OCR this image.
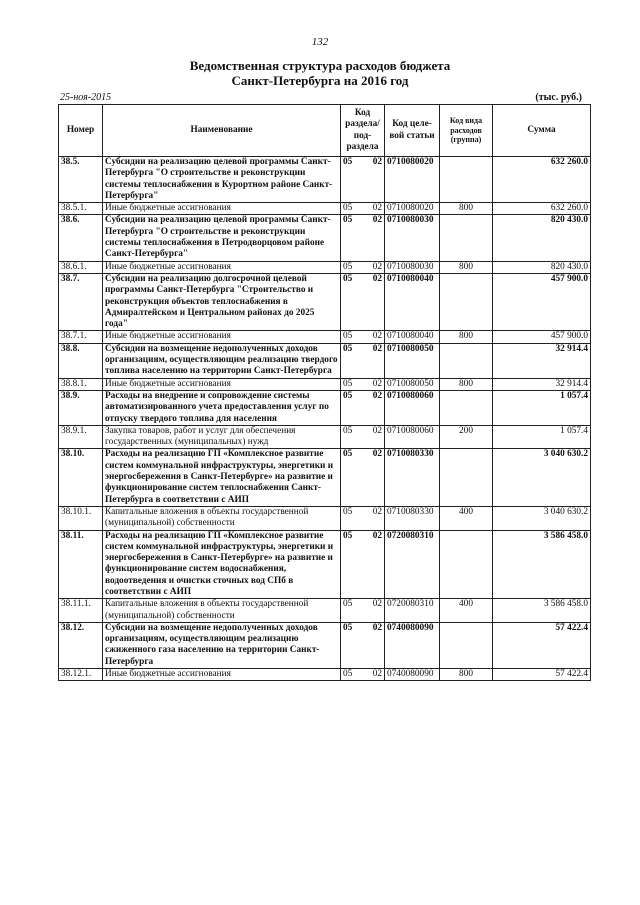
132
Ведомственная структура расходов бюджета
Санкт-Петербурга на 2016 год
25-ноя-2015	(тыс. руб.)
Номер	Наименование	Код раздела/ под- раздела	Код целе- вой статьи	Код вида расходов (группа)	Сумма
38.5.	Субсидии на реализацию целевой программы Санкт-Петербурга "О строительстве и реконструкции системы теплоснабжения в Курортном районе Санкт-Петербурга"	05 02	0710080020		632 260.0
38.5.1.	Иные бюджетные ассигнования	05 02	0710080020	800	632 260.0
38.6.	Субсидии на реализацию целевой программы Санкт-Петербурга "О строительстве и реконструкции системы теплоснабжения в Петродворцовом районе Санкт-Петербурга"	05 02	0710080030		820 430.0
38.6.1.	Иные бюджетные ассигнования	05 02	0710080030	800	820 430.0
38.7.	Субсидии на реализацию долгосрочной целевой программы Санкт-Петербурга "Строительство и реконструкция объектов теплоснабжения в Адмиралтейском и Центральном районах до 2025 года"	05 02	0710080040		457 900.0
38.7.1.	Иные бюджетные ассигнования	05 02	0710080040	800	457 900.0
38.8.	Субсидии на возмещение недополученных доходов организациям, осуществляющим реализацию твердого топлива населению на территории Санкт-Петербурга	05 02	0710080050		32 914.4
38.8.1.	Иные бюджетные ассигнования	05 02	0710080050	800	32 914.4
38.9.	Расходы на внедрение и сопровождение системы автоматизированного учета предоставления услуг по отпуску твердого топлива для населения	05 02	0710080060		1 057.4
38.9.1.	Закупка товаров, работ и услуг для обеспечения государственных (муниципальных) нужд	05 02	0710080060	200	1 057.4
38.10.	Расходы на реализацию ГП «Комплексное развитие систем коммунальной инфраструктуры, энергетики и энергосбережения в Санкт-Петербурге» на развитие и функционирование систем теплоснабжения Санкт-Петербурга в соответствии с АИП	05 02	0710080330		3 040 630.2
38.10.1.	Капитальные вложения в объекты государственной (муниципальной) собственности	05 02	0710080330	400	3 040 630.2
38.11.	Расходы на реализацию ГП «Комплексное развитие систем коммунальной инфраструктуры, энергетики и энергосбережения в Санкт-Петербурге» на развитие и функционирование систем водоснабжения, водоотведения и очистки сточных вод СПб в соответствии с АИП	05 02	0720080310		3 586 458.0
38.11.1.	Капитальные вложения в объекты государственной (муниципальной) собственности	05 02	0720080310	400	3 586 458.0
38.12.	Субсидии на возмещение недополученных доходов организациям, осуществляющим реализацию сжиженного газа населению на территории Санкт-Петербурга	05 02	0740080090		57 422.4
38.12.1.	Иные бюджетные ассигнования	05 02	0740080090	800	57 422.4
